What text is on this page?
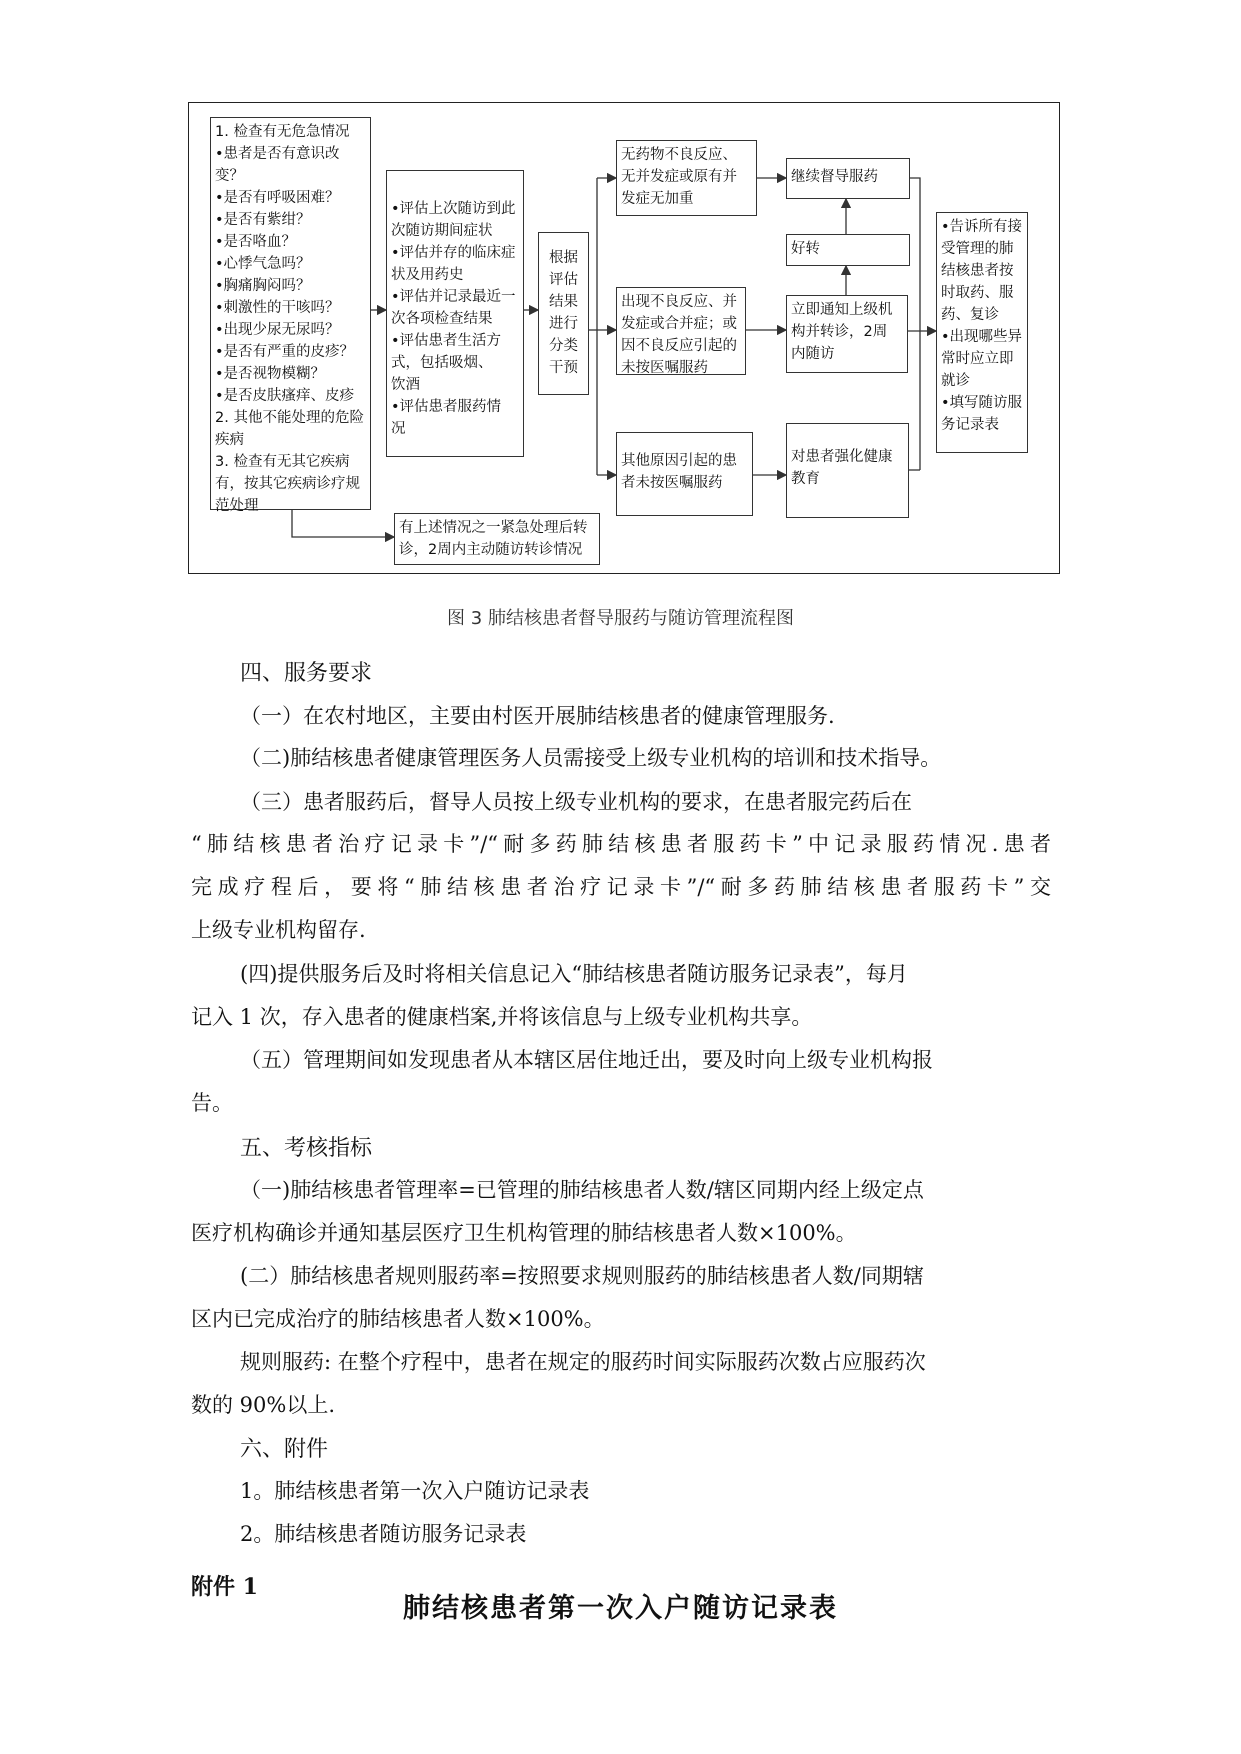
1. 检查有无危急情况
•患者是否有意识改
变？
•是否有呼吸困难？
•是否有紫绀？
•是否咯血？
•心悸气急吗？
•胸痛胸闷吗？
•刺激性的干咳吗？
•出现少尿无尿吗？
•是否有严重的皮疹？
•是否视物模糊？
•是否皮肤瘙痒、皮疹
2. 其他不能处理的危险
疾病
3. 检查有无其它疾病
有，按其它疾病诊疗规
范处理
•评估上次随访到此
次随访期间症状
•评估并存的临床症
状及用药史
•评估并记录最近一
次各项检查结果
•评估患者生活方
式，包括吸烟、
饮酒
•评估患者服药情
况
根据
评估
结果
进行
分类
干预
无药物不良反应、
无并发症或原有并
发症无加重
出现不良反应、并
发症或合并症；或
因不良反应引起的
未按医嘱服药
其他原因引起的患
者未按医嘱服药
继续督导服药
好转
立即通知上级机
构并转诊，2周
内随访
对患者强化健康
教育
•告诉所有接
受管理的肺
结核患者按
时取药、服
药、复诊
•出现哪些异
常时应立即
就诊
•填写随访服
务记录表
有上述情况之一紧急处理后转
诊，2周内主动随访转诊情况
图 3 肺结核患者督导服药与随访管理流程图
四、服务要求
（一）在农村地区，主要由村医开展肺结核患者的健康管理服务.
（二)肺结核患者健康管理医务人员需接受上级专业机构的培训和技术指导。
（三）患者服药后，督导人员按上级专业机构的要求，在患者服完药后在
“肺结核患者治疗记录卡”/“耐多药肺结核患者服药卡”中记录服药情况.患者
完成疗程后，要将“肺结核患者治疗记录卡”/“耐多药肺结核患者服药卡”交
上级专业机构留存.
(四)提供服务后及时将相关信息记入“肺结核患者随访服务记录表”，每月
记入 1 次，存入患者的健康档案,并将该信息与上级专业机构共享。
（五）管理期间如发现患者从本辖区居住地迁出，要及时向上级专业机构报
告。
五、考核指标
（一)肺结核患者管理率=已管理的肺结核患者人数/辖区同期内经上级定点
医疗机构确诊并通知基层医疗卫生机构管理的肺结核患者人数×100%。
(二）肺结核患者规则服药率=按照要求规则服药的肺结核患者人数/同期辖
区内已完成治疗的肺结核患者人数×100%。
规则服药: 在整个疗程中，患者在规定的服药时间实际服药次数占应服药次
数的 90%以上.
六、附件
1。肺结核患者第一次入户随访记录表
2。肺结核患者随访服务记录表
附件 1
肺结核患者第一次入户随访记录表
